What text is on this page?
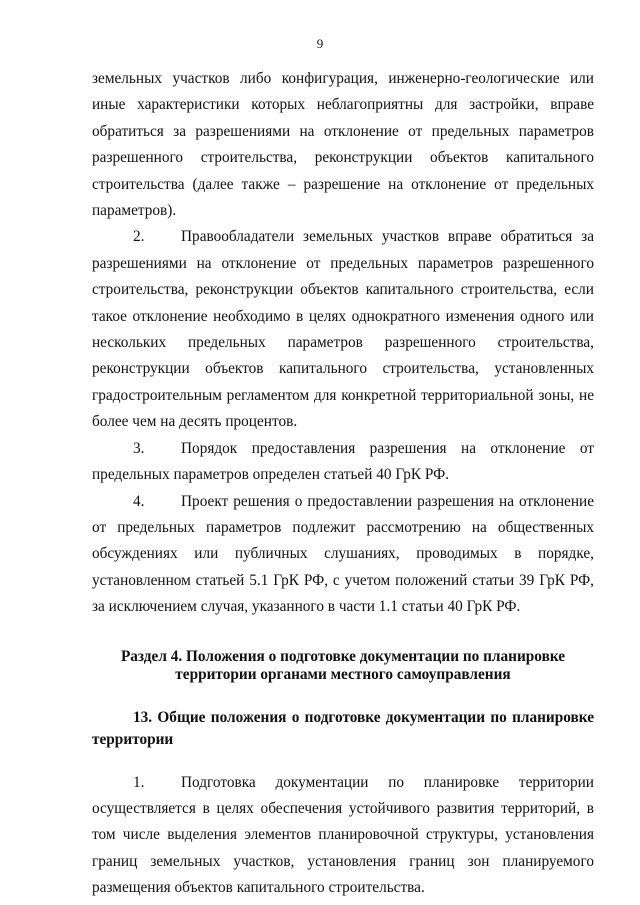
9

земельных участков либо конфигурация, инженерно-геологические или иные характеристики которых неблагоприятны для застройки, вправе обратиться за разрешениями на отклонение от предельных параметров разрешенного строительства, реконструкции объектов капитального строительства (далее также – разрешение на отклонение от предельных параметров).

2. Правообладатели земельных участков вправе обратиться за разрешениями на отклонение от предельных параметров разрешенного строительства, реконструкции объектов капитального строительства, если такое отклонение необходимо в целях однократного изменения одного или нескольких предельных параметров разрешенного строительства, реконструкции объектов капитального строительства, установленных градостроительным регламентом для конкретной территориальной зоны, не более чем на десять процентов.

3. Порядок предоставления разрешения на отклонение от предельных параметров определен статьей 40 ГрК РФ.

4. Проект решения о предоставлении разрешения на отклонение от предельных параметров подлежит рассмотрению на общественных обсуждениях или публичных слушаниях, проводимых в порядке, установленном статьей 5.1 ГрК РФ, с учетом положений статьи 39 ГрК РФ, за исключением случая, указанного в части 1.1 статьи 40 ГрК РФ.

Раздел 4. Положения о подготовке документации по планировке
территории органами местного самоуправления

13. Общие положения о подготовке документации по планировке территории

1. Подготовка документации по планировке территории осуществляется в целях обеспечения устойчивого развития территорий, в том числе выделения элементов планировочной структуры, установления границ земельных участков, установления границ зон планируемого размещения объектов капитального строительства.
